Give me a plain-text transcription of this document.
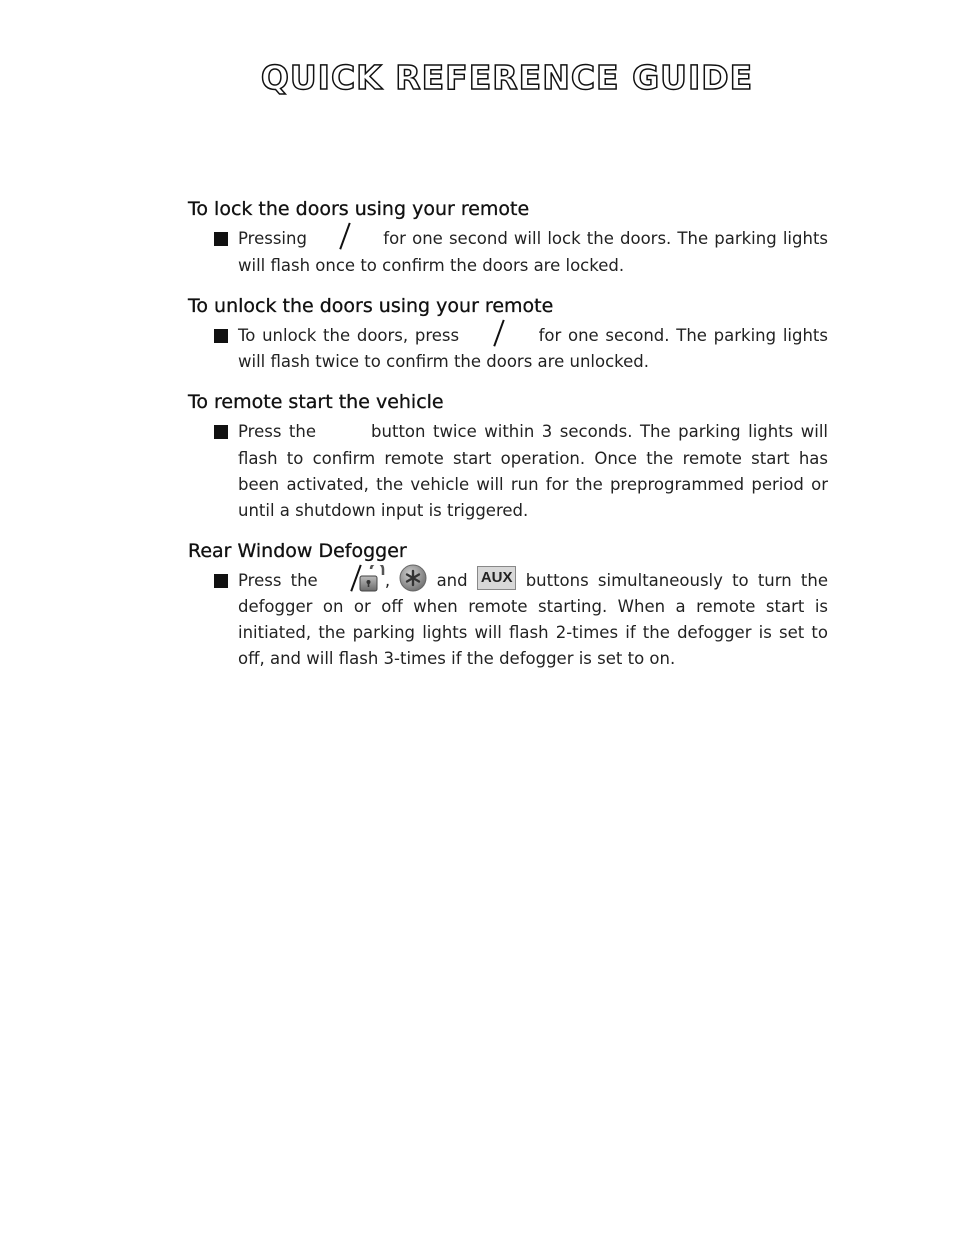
QUICK REFERENCE GUIDE
To lock the doors using your remote
Pressing	for one second will lock the doors. The parking lights will flash once to confirm the doors are locked.
To unlock the doors using your remote
To unlock the doors, press	for one second. The parking lights will flash twice to confirm the doors are unlocked.
To remote start the vehicle
Press the	button twice within 3 seconds. The parking lights will flash to confirm remote start operation. Once the remote start has been activated, the vehicle will run for the preprogrammed period or until a shutdown input is triggered.
Rear Window Defogger
Press the	,	and AUX buttons simultaneously to turn the defogger on or off when remote starting. When a remote start is initiated, the parking lights will flash 2-times if the defogger is set to off, and will flash 3-times if the defogger is set to on.
